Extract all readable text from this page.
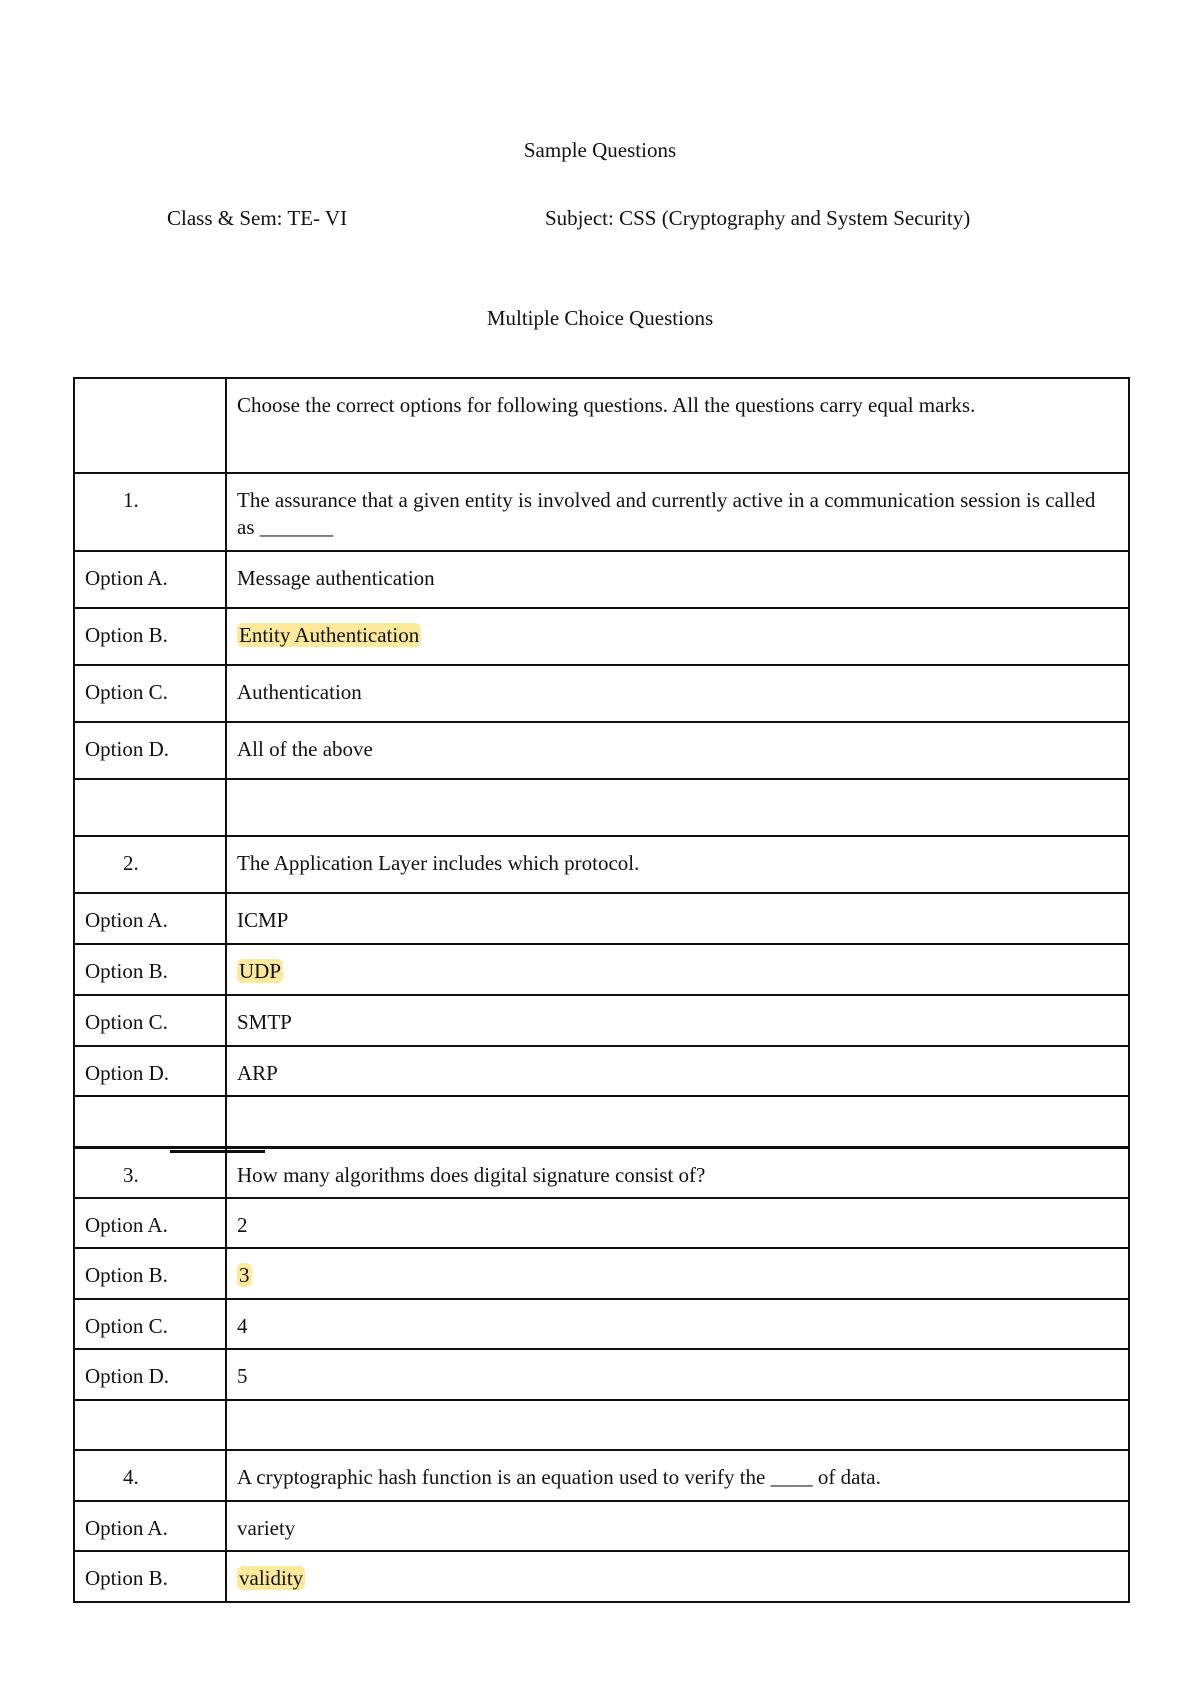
Sample Questions

Class & Sem: TE- VI	Subject: CSS (Cryptography and System Security)

Multiple Choice Questions
	Choose the correct options for following questions. All the questions carry equal marks.
1.	The assurance that a given entity is involved and currently active in a communication session is called as _______
Option A.	Message authentication
Option B.	Entity Authentication
Option C.	Authentication
Option D.	All of the above

2.	The Application Layer includes which protocol.
Option A.	ICMP
Option B.	UDP
Option C.	SMTP
Option D.	ARP

3.	How many algorithms does digital signature consist of?
Option A.	2
Option B.	3
Option C.	4
Option D.	5

4.	A cryptographic hash function is an equation used to verify the ____ of data.
Option A.	variety
Option B.	validity
